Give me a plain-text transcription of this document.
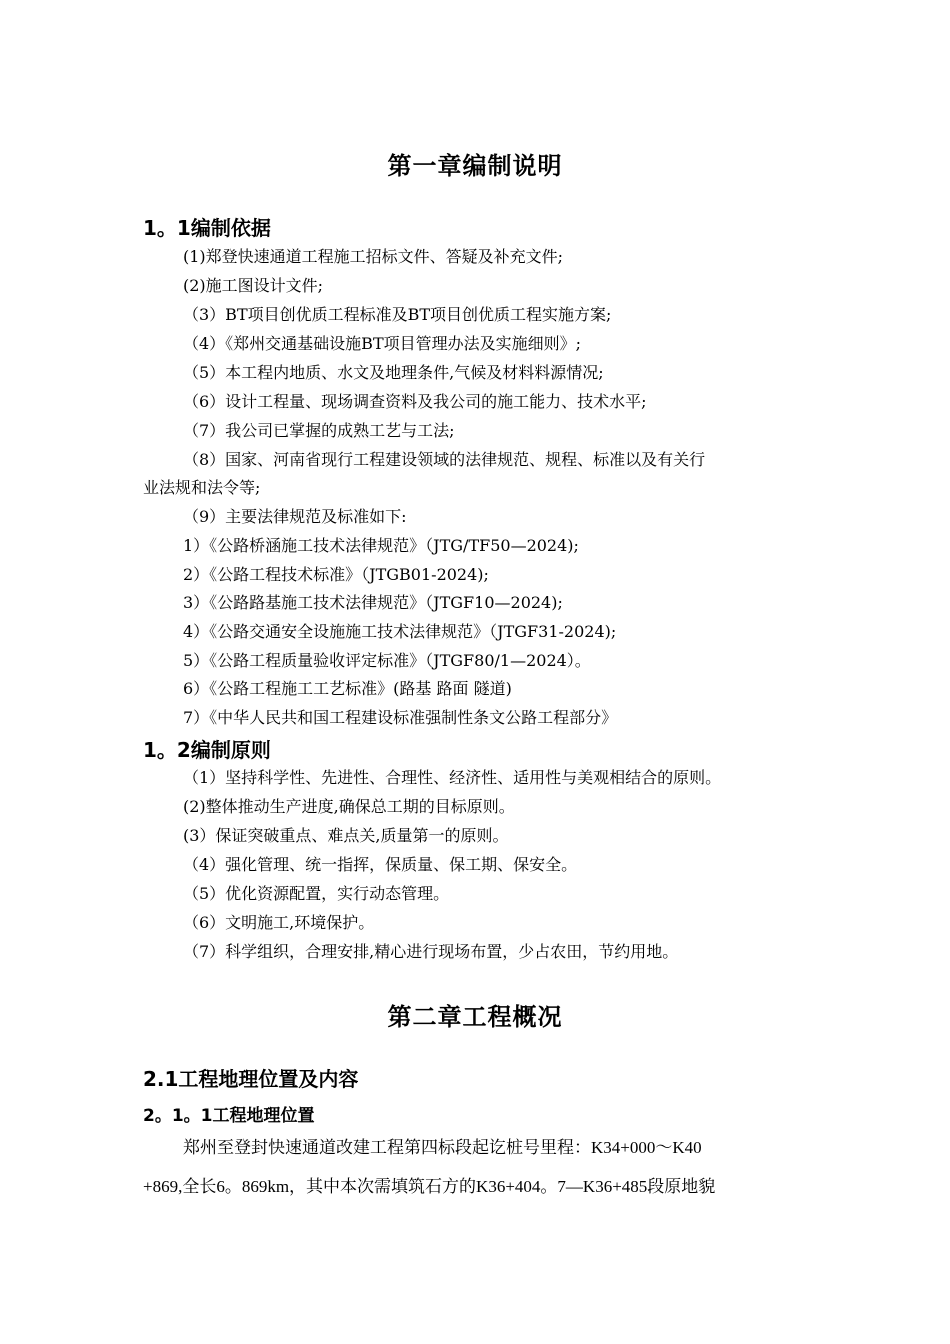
第一章编制说明
1。1编制依据
(1)郑登快速通道工程施工招标文件、答疑及补充文件;
(2)施工图设计文件;
（3）BT项目创优质工程标准及BT项目创优质工程实施方案;
（4）《郑州交通基础设施BT项目管理办法及实施细则》;
（5）本工程内地质、水文及地理条件,气候及材料料源情况;
（6）设计工程量、现场调查资料及我公司的施工能力、技术水平;
（7）我公司已掌握的成熟工艺与工法;
（8）国家、河南省现行工程建设领域的法律规范、规程、标准以及有关行
业法规和法令等;
（9）主要法律规范及标准如下:
1）《公路桥涵施工技术法律规范》（JTG/TF50—2024);
2）《公路工程技术标准》（JTGB01-2024);
3）《公路路基施工技术法律规范》（JTGF10—2024);
4）《公路交通安全设施施工技术法律规范》（JTGF31-2024);
5）《公路工程质量验收评定标准》（JTGF80/1—2024）。
6）《公路工程施工工艺标准》(路基 路面 隧道)
7）《中华人民共和国工程建设标准强制性条文公路工程部分》
1。2编制原则
（1）坚持科学性、先进性、合理性、经济性、适用性与美观相结合的原则。
(2)整体推动生产进度,确保总工期的目标原则。
(3）保证突破重点、难点关,质量第一的原则。
（4）强化管理、统一指挥，保质量、保工期、保安全。
（5）优化资源配置，实行动态管理。
（6）文明施工,环境保护。
（7）科学组织，合理安排,精心进行现场布置，少占农田，节约用地。
第二章工程概况
2.1工程地理位置及内容
2。1。1工程地理位置
郑州至登封快速通道改建工程第四标段起讫桩号里程：K34+000～K40
+869,全长6。869km，其中本次需填筑石方的K36+404。7—K36+485段原地貌
